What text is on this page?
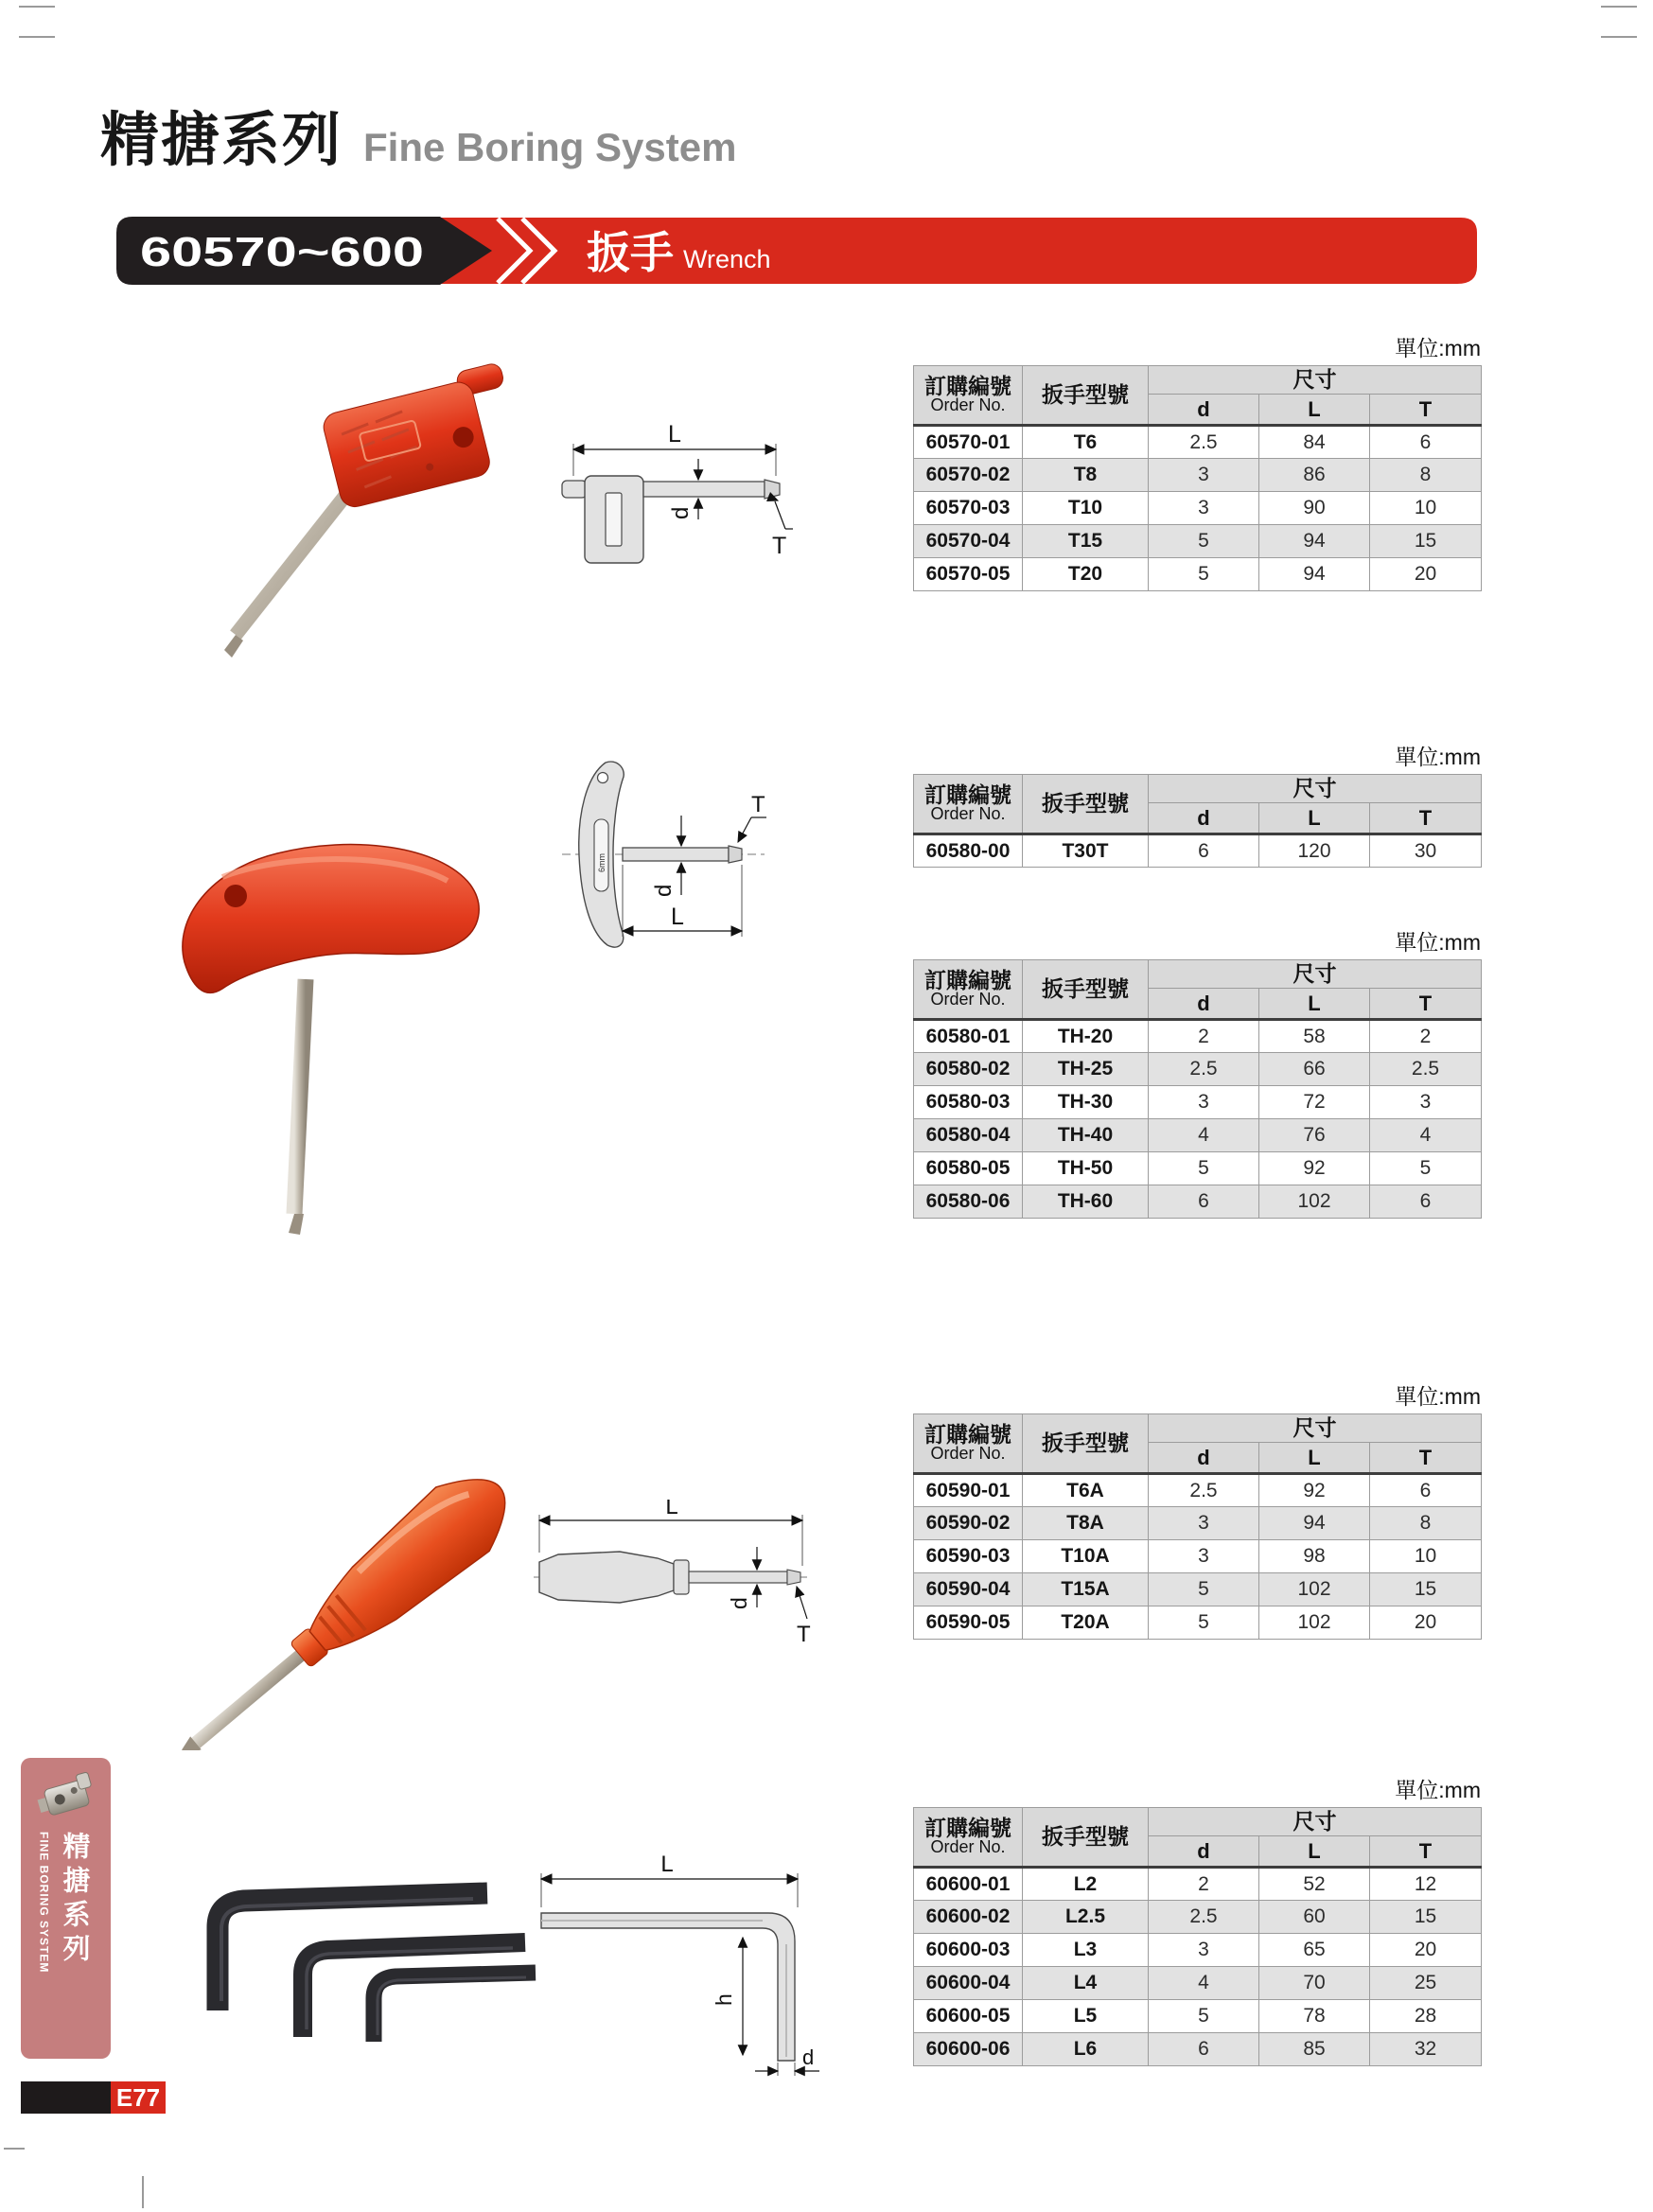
精搪系列 Fine Boring System
60570~600	扳手 Wrench
L
d
T
單位:mm
訂購編號
Order No.	扳手型號	尺寸		
		d	L	T
60570-01	T6	2.5	84	6
60570-02	T8	3	86	8
60570-03	T10	3	90	10
60570-04	T15	5	94	15
60570-05	T20	5	94	20
6mm
T
d
L
單位:mm
訂購編號
Order No.	扳手型號	尺寸		
		d	L	T
60580-00	T30T	6	120	30
單位:mm
訂購編號
Order No.	扳手型號	尺寸		
		d	L	T
60580-01	TH-20	2	58	2
60580-02	TH-25	2.5	66	2.5
60580-03	TH-30	3	72	3
60580-04	TH-40	4	76	4
60580-05	TH-50	5	92	5
60580-06	TH-60	6	102	6
L
d
T
單位:mm
訂購編號
Order No.	扳手型號	尺寸		
		d	L	T
60590-01	T6A	2.5	92	6
60590-02	T8A	3	94	8
60590-03	T10A	3	98	10
60590-04	T15A	5	102	15
60590-05	T20A	5	102	20
L
h
d
單位:mm
訂購編號
Order No.	扳手型號	尺寸		
		d	L	T
60600-01	L2	2	52	12
60600-02	L2.5	2.5	60	15
60600-03	L3	3	65	20
60600-04	L4	4	70	25
60600-05	L5	5	78	28
60600-06	L6	6	85	32
FINE BORING SYSTEM 精搪系列
E77
